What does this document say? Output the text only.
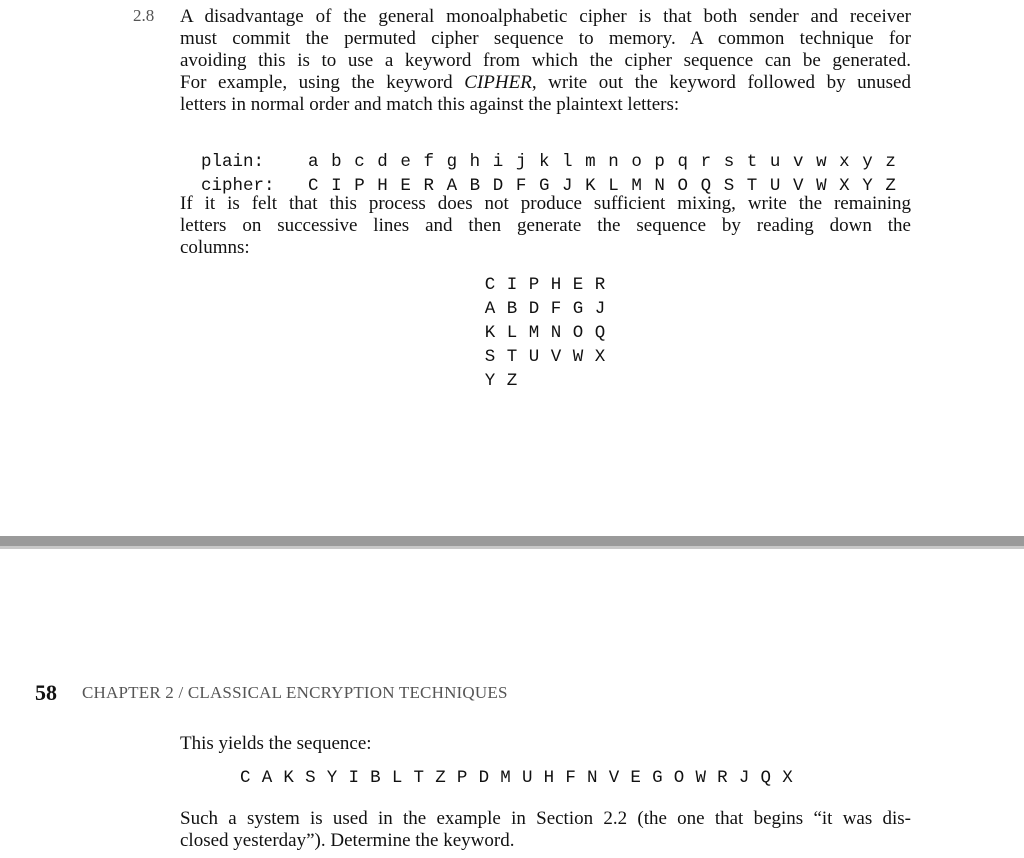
2.8 A disadvantage of the general monoalphabetic cipher is that both sender and receiver
must commit the permuted cipher sequence to memory. A common technique for
avoiding this is to use a keyword from which the cipher sequence can be generated.
For example, using the keyword CIPHER, write out the keyword followed by unused
letters in normal order and match this against the plaintext letters:

plain:	a b c d e f g h i j k l m n o p q r s t u v w x y z

cipher: C I P H E R A B D F G J K L M N O Q S T U V W X Y Z

If it is felt that this process does not produce sufficient mixing, write the remaining
letters on successive lines and then generate the sequence by reading down the
columns:
C I P H E R
A B D F G J
K L M N O Q
S T U V W X
Y Z
58 CHAPTER 2 / CLASSICAL ENCRYPTION TECHNIQUES
This yields the sequence:
C A K S Y I B L T Z P D M U H F N V E G O W R J Q X
Such a system is used in the example in Section 2.2 (the one that begins “it was dis-
closed yesterday”). Determine the keyword.
